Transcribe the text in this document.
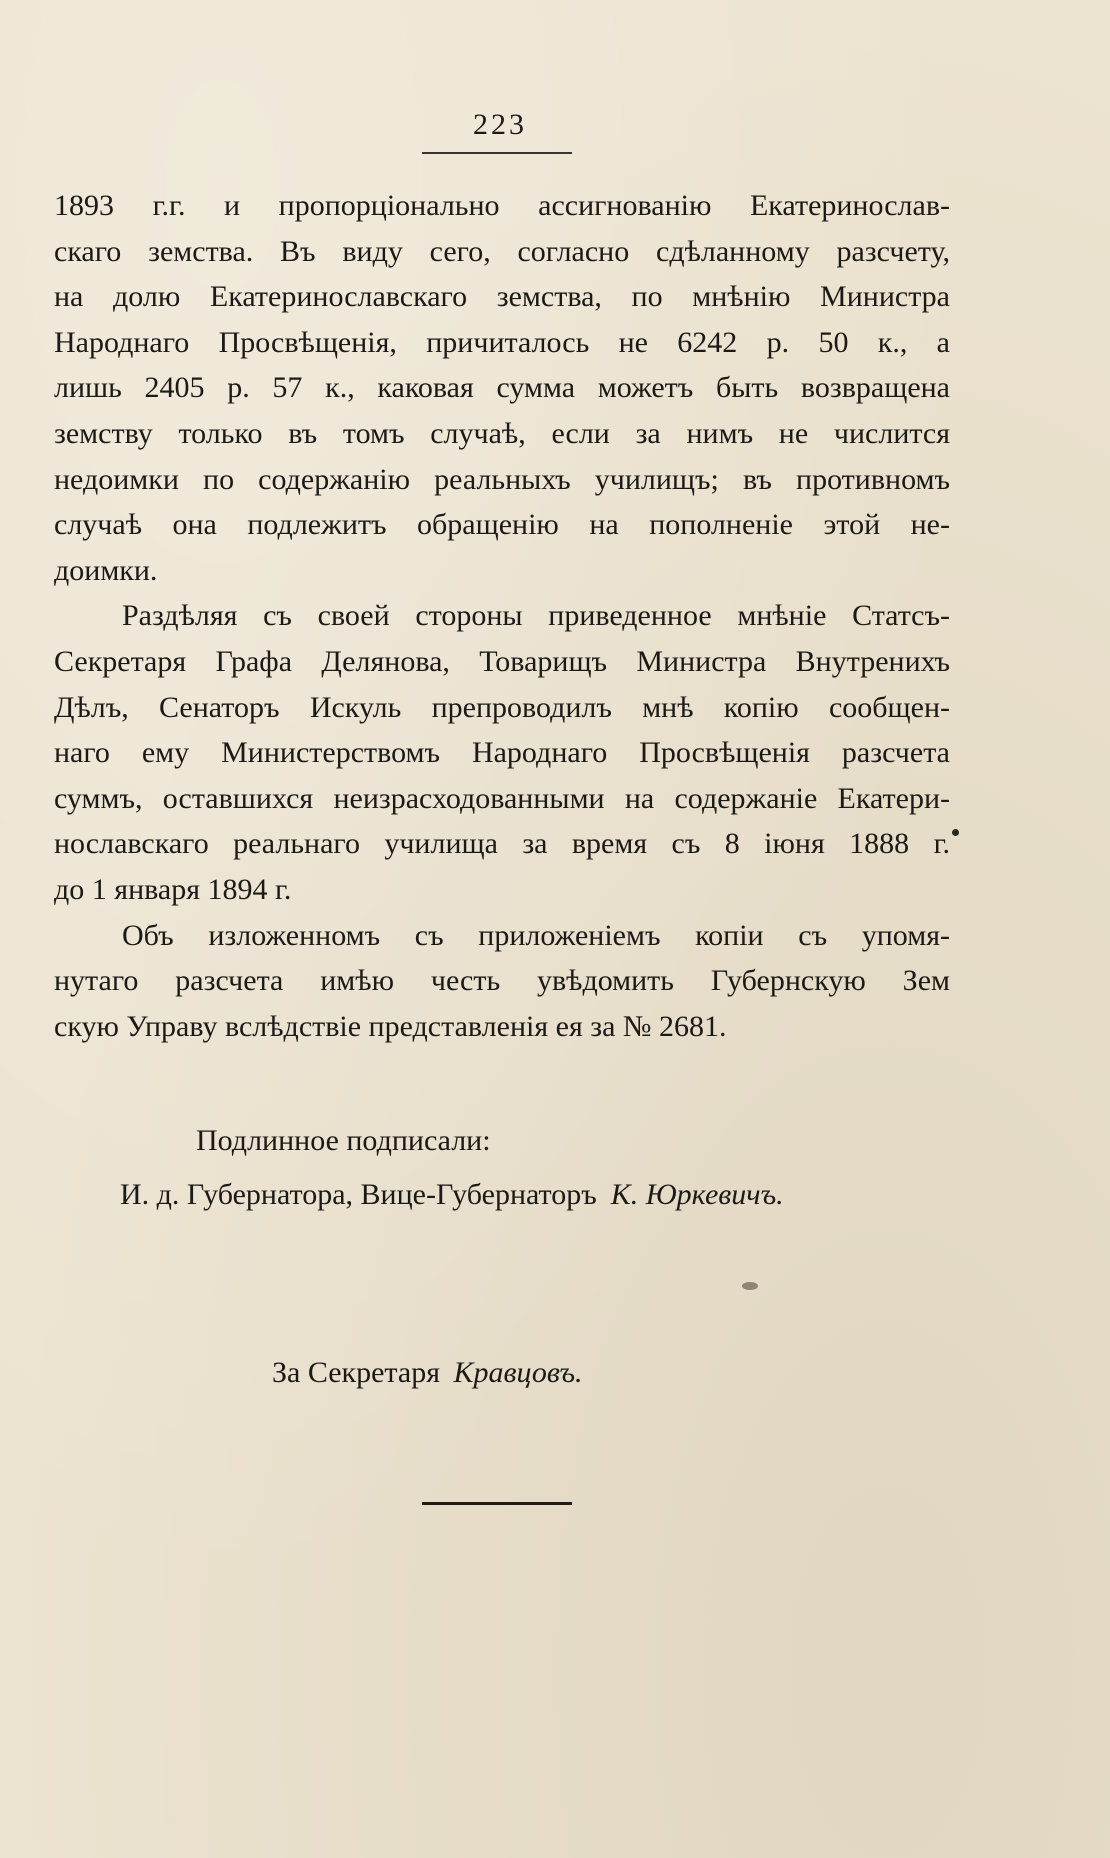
223
1893 г.г. и пропорціонально ассигнованію Екатеринослав-
скаго земства. Въ виду сего, согласно сдѣланному разсчету,
на долю Екатеринославскаго земства, по мнѣнію Министра
Народнаго Просвѣщенія, причиталось не 6242 р. 50 к., а
лишь 2405 р. 57 к., каковая сумма можетъ быть возвращена
земству только въ томъ случаѣ, если за нимъ не числится
недоимки по содержанію реальныхъ училищъ; въ противномъ
случаѣ она подлежитъ обращенію на пополненіе этой не-
доимки.
Раздѣляя съ своей стороны приведенное мнѣніе Статсъ-
Секретаря Графа Делянова, Товарищъ Министра Внутренихъ
Дѣлъ, Сенаторъ Искуль препроводилъ мнѣ копію сообщен-
наго ему Министерствомъ Народнаго Просвѣщенія разсчета
суммъ, оставшихся неизрасходованными на содержаніе Екатери-
нославскаго реальнаго училища за время съ 8 іюня 1888 г.
до 1 января 1894 г.
Объ изложенномъ съ приложеніемъ копіи съ упомя-
нутаго разсчета имѣю честь увѣдомить Губернскую Зем
скую Управу вслѣдствіе представленія ея за № 2681.
Подлинное подписали:
И. д. Губернатора, Вице-Губернаторъ К. Юркевичъ.
За Секретаря Кравцовъ.
